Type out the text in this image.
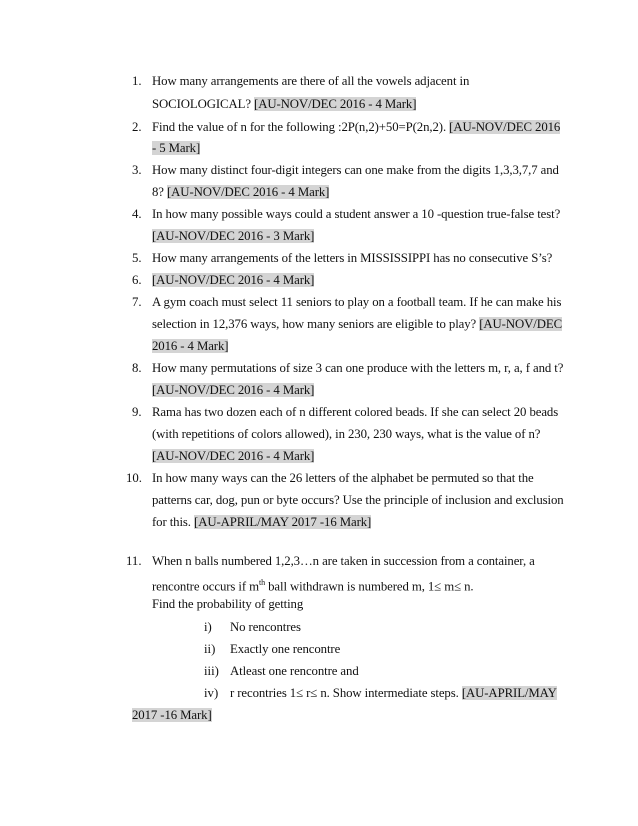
1. How many arrangements are there of all the vowels adjacent in
SOCIOLOGICAL? [AU-NOV/DEC 2016 - 4 Mark]
2. Find the value of n for the following :2P(n,2)+50=P(2n,2). [AU-NOV/DEC 2016
- 5 Mark]
3. How many distinct four-digit integers can one make from the digits 1,3,3,7,7 and
8? [AU-NOV/DEC 2016 - 4 Mark]
4. In how many possible ways could a student answer a 10 -question true-false test?
[AU-NOV/DEC 2016 - 3 Mark]
5. How many arrangements of the letters in MISSISSIPPI has no consecutive S’s?
6. [AU-NOV/DEC 2016 - 4 Mark]
7. A gym coach must select 11 seniors to play on a football team. If he can make his
selection in 12,376 ways, how many seniors are eligible to play? [AU-NOV/DEC
2016 - 4 Mark]
8. How many permutations of size 3 can one produce with the letters m, r, a, f and t?
[AU-NOV/DEC 2016 - 4 Mark]
9. Rama has two dozen each of n different colored beads. If she can select 20 beads
(with repetitions of colors allowed), in 230, 230 ways, what is the value of n?
[AU-NOV/DEC 2016 - 4 Mark]
10. In how many ways can the 26 letters of the alphabet be permuted so that the
patterns car, dog, pun or byte occurs? Use the principle of inclusion and exclusion
for this. [AU-APRIL/MAY 2017 -16 Mark]
11. When n balls numbered 1,2,3…n are taken in succession from a container, a
rencontre occurs if $m^{th}$ ball withdrawn is numbered m, 1≤ m≤ n.
Find the probability of getting
i) No rencontres
ii) Exactly one rencontre
iii) Atleast one rencontre and
iv) r recontries 1≤ r≤ n. Show intermediate steps. [AU-APRIL/MAY
2017 -16 Mark]
